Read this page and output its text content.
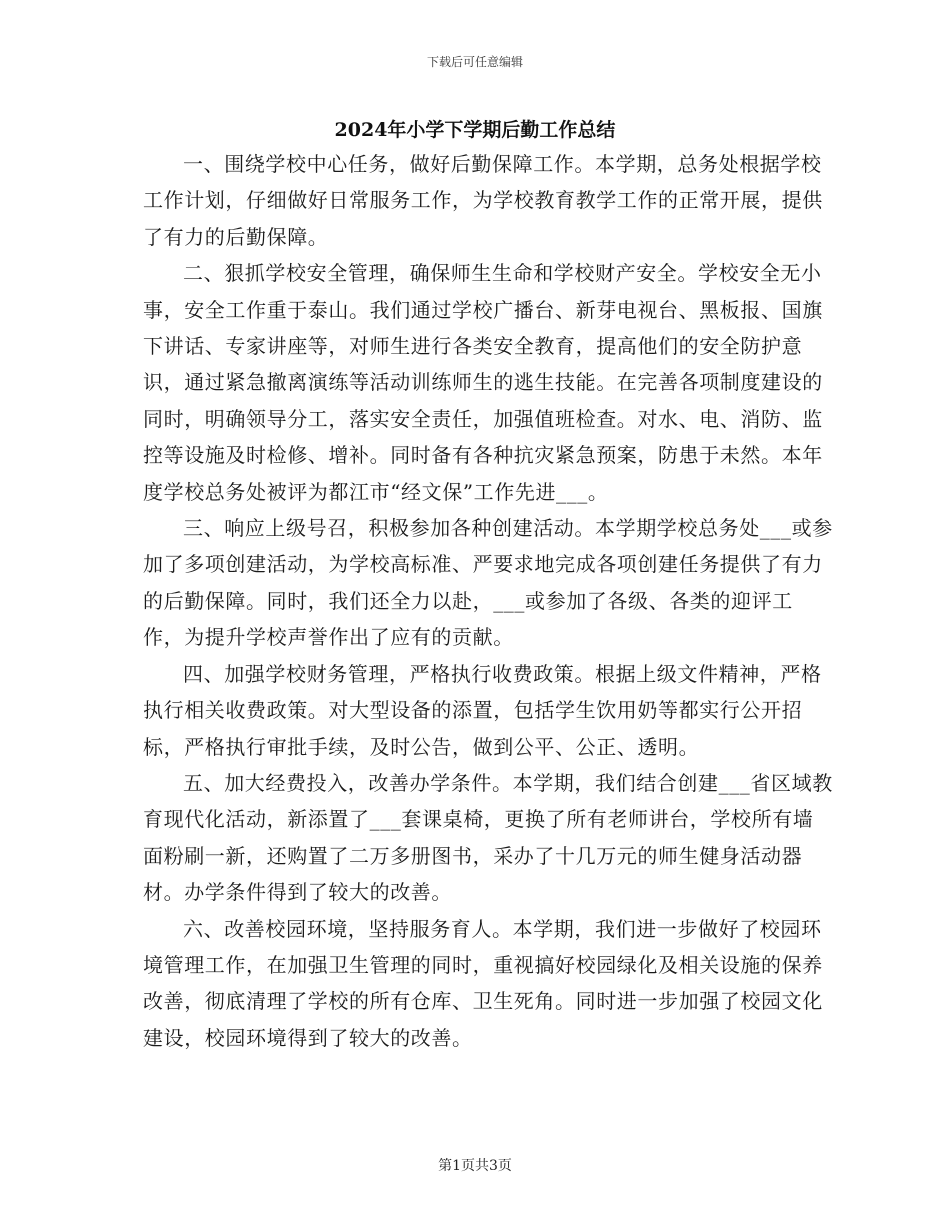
下载后可任意编辑
2024年小学下学期后勤工作总结

一、围绕学校中心任务，做好后勤保障工作。本学期，总务处根据学校工作计划，仔细做好日常服务工作，为学校教育教学工作的正常开展，提供了有力的后勤保障。

二、狠抓学校安全管理，确保师生生命和学校财产安全。学校安全无小事，安全工作重于泰山。我们通过学校广播台、新芽电视台、黑板报、国旗下讲话、专家讲座等，对师生进行各类安全教育，提高他们的安全防护意识，通过紧急撤离演练等活动训练师生的逃生技能。在完善各项制度建设的同时，明确领导分工，落实安全责任，加强值班检查。对水、电、消防、监控等设施及时检修、增补。同时备有各种抗灾紧急预案，防患于未然。本年度学校总务处被评为都江市“经文保”工作先进___。

三、响应上级号召，积极参加各种创建活动。本学期学校总务处___或参加了多项创建活动，为学校高标准、严要求地完成各项创建任务提供了有力的后勤保障。同时，我们还全力以赴，___或参加了各级、各类的迎评工作，为提升学校声誉作出了应有的贡献。

四、加强学校财务管理，严格执行收费政策。根据上级文件精神，严格执行相关收费政策。对大型设备的添置，包括学生饮用奶等都实行公开招标，严格执行审批手续，及时公告，做到公平、公正、透明。

五、加大经费投入，改善办学条件。本学期，我们结合创建___省区域教育现代化活动，新添置了___套课桌椅，更换了所有老师讲台，学校所有墙面粉刷一新，还购置了二万多册图书，采办了十几万元的师生健身活动器材。办学条件得到了较大的改善。

六、改善校园环境，坚持服务育人。本学期，我们进一步做好了校园环境管理工作，在加强卫生管理的同时，重视搞好校园绿化及相关设施的保养改善，彻底清理了学校的所有仓库、卫生死角。同时进一步加强了校园文化建设，校园环境得到了较大的改善。

第1页共3页
